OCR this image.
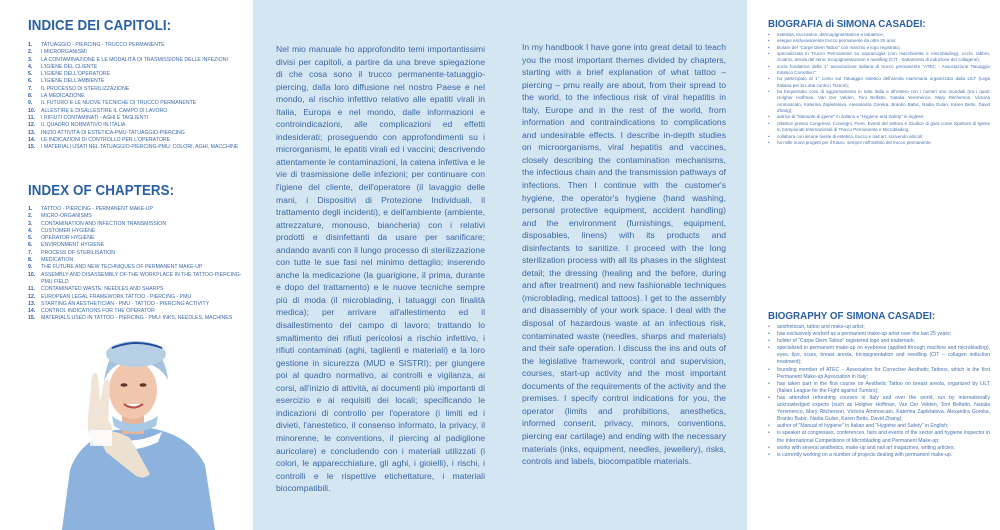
INDICE DEI CAPITOLI:
1.	TATUAGGIO - PIERCING - TRUCCO PERMANENTE
2.	I MICRORGANISMI
3.	LA CONTAMINAZIONE E LE MODALITÀ DI TRASMISSIONE DELLE INFEZIONI
4.	L'IGIENE DEL CLIENTE
5.	L'IGIENE DELL'OPERATORE
6.	L'IGIENE DELL'AMBIENTE
7.	IL PROCESSO DI STERILIZZAZIONE
8.	LA MEDICAZIONE
9.	IL FUTURO E LE NUOVE TECNICHE DI TRUCCO PERMANENTE
10.	ALLESTIRE E DISALLESTIRE IL CAMPO DI LAVORO
11.	I RIFIUTI CONTAMINATI - AGHI E TAGLIENTI
12.	IL QUADRO NORMATIVO IN ITALIA
13.	INIZIO ATTIVITÀ DI ESTETICA-PMU-TATUAGGIO-PIERCING
14.	LE INDICAZIONI DI CONTROLLO PER L'OPERATORE
15.	I MATERIALI USATI NEL TATUAGGIO-PIERCING-PMU: COLORI, AGHI, MACCHINE
INDEX OF CHAPTERS:
1.	TATTOO - PIERCING - PERMANENT MAKE-UP
2.	MICRO-ORGANISMS
3.	CONTAMINATION AND INFECTION TRANSMISSION
4.	CUSTOMER HYGIENE
5.	OPERATOR HYGIENE
6.	ENVIRONMENT HYGIENE
7.	PROCESS OF STERILISATION
8.	MEDICATION
9.	THE FUTURE AND NEW TECHNIQUES OF PERMANENT MAKE-UP
10.	ASSEMBLY AND DISASSEMBLY OF THE WORKPLACE IN THE TATTOO-PIERCING-PMU FIELD
11.	CONTAMINATED WASTE: NEEDLES AND SHARPS
12.	EUROPEAN LEGAL FRAMEWORK TATTOO - PIERCING - PMU
13.	STARTING AN AESTHETICIAN - PMU - TATTOO - PIERCING ACTIVITY
14.	CONTROL INDICATIONS FOR THE OPERATOR
15.	MATERIALS USED IN TATTOO - PIERCING - PMU: INKS, NEEDLES, MACHINES

Nel mio manuale ho approfondito temi importantissimi divisi per capitoli, a partire da una breve spiegazione di che cosa sono il trucco permanente-tatuaggio-piercing, dalla loro diffusione nel nostro Paese e nel mondo, al rischio infettivo relativo alle epatiti virali in Italia, Europa e nel mondo, dalle informazioni e controindicazioni, alle complicazioni ed effetti indesiderati; proseguendo con approfondimenti su i microrganismi, le epatiti virali ed i vaccini; descrivendo attentamente le contaminazioni, la catena infettiva e le vie di trasmissione delle infezioni; per continuare con l'igiene del cliente, dell'operatore (il lavaggio delle mani, i Dispositivi di Protezione Individuali, il trattamento degli incidenti), e dell'ambiente (ambiente, attrezzature, monouso, biancheria) con i relativi prodotti e disinfettanti da usare per sanificare; andando avanti con il lungo processo di sterilizzazione con tutte le sue fasi nel minimo dettaglio; inserendo anche la medicazione (la guarigione, il prima, durante e dopo del trattamento) e le nuove tecniche sempre più di moda (il microblading, i tatuaggi con finalità medica); per arrivare all'allestimento ed il disallestimento del campo di lavoro; trattando lo smaltimento dei rifiuti pericolosi a rischio infettivo, i rifiuti contaminati (aghi, taglienti e materiali) e la loro gestione in sicurezza (MUD e SISTRI); per giungere poi al quadro normativo, ai controlli e vigilanza, ai corsi, all'inizio di attività, ai documenti più importanti di esercizio e ai requisiti dei locali; specificando le indicazioni di controllo per l'operatore (i limiti ed i divieti, l'anestetico, il consenso informato, la privacy, il minorenne, le conventions, il piercing al padiglione auricolare) e concludendo con i materiali utilizzati (i colori, le apparecchiature, gli aghi, i gioielli), i rischi, i controlli e le rispettive etichettature, i materiali biocompatibili.

In my handbook I have gone into great detail to teach you the most important themes divided by chapters, starting with a brief explanation of what tattoo – piercing – pmu really are about, from their spread to the world, to the infectious risk of viral hepatitis in Italy, Europe and in the rest of the world, from information and contraindications to complications and undesirable effects. I describe in-depth studies on microorganisms, viral hepatitis and vaccines, closely describing the contamination mechanisms, the infectious chain and the transmission pathways of infections. Then I continue with the customer's hygiene, the operator's hygiene (hand washing, personal protective equipment, accident handling) and the environment (furnishings, equipment, disposables, linens) with its products and disinfectants to sanitize. I proceed with the long sterilization process with all its phases in the slightest detail; the dressing (healing and the before, during and after treatment) and new fashionable techniques (microblading, medical tattoos). I get to the assembly and disassembly of your work space. I deal with the disposal of hazardous waste at an infectious risk, contaminated waste (needles, sharps and materials) and their safe operation. I discuss the ins and outs of the legislative framework, control and supervision, courses, start-up activity and the most important documents of the requirements of the activity and the premises. I specify control indications for you, the operator (limits and prohibitions, anesthetics, informed consent, privacy, minors, conventions, piercing ear cartilage) and ending with the necessary materials (inks, equipment, needles, jewellery), risks, controls and labels, biocompatible materials.

BIOGRAFIA di SIMONA CASADEI:
• estetista, truccatrice, dermopigmentatrice e tatuatrice;
• esegue esclusivamente trucco permanente da oltre 25 anni;
• titolare del "Carpe Diem Tattoo" con marchio e logo registrato;
• specializzata in Trucco Permanente su sopracciglia (con macchinetta e microblading), occhi, labbra, cicatrici, areola del seno, tricopigmentazione e needling (CIT - trattamento di induzione del collagene);
• socia fondatrice della 1° associazione italiana di trucco permanente "ATEC - Associazione Tatuaggio Estetico Correttivo";
• ha partecipato al 1° corso sul Tatuaggio estetico dell'areola mammaria organizzato dalla LILT (Lega Italiana per la Lotta contro i Tumori);
• ha frequentato corsi di aggiornamento in tutta Italia e all'estero con i numeri uno mondiali (tra i quali: Holgher Hoffman, Van Der Velden, Toni Belfatto, Natalia Yeremenco, Mary Ritcherson, Victoria Ammoscato, Katerina Zapletalova, Alessandra Goreka, Branko Babic, Nadia Gulan, Karen Betts, David Zhang);
• autrice di "Manuale di igiene" in italiano e "Hygiene and Safety" in inglese;
• relatrice presso Congressi, Convegni, Fiere, Eventi del settore e Giudice di gara come Ispettore di Igiene in Campionati Internazionali di Trucco Permanente e Microblading;
• collabora con alcune riviste di estetica, trucco e nail art, scrivendo articoli;
• ha mille nuovi progetti per il futuro, sempre nell'ambito del trucco permanente.
BIOGRAPHY OF SIMONA CASADEI:
• aesthetician, tattoo and make-up artist;
• has exclusively worked as a permanent make-up artist over the last 25 years;
• holder of "Carpe Diem Tattoo" registered logo and trademark;
• specialized in permanent make-up on eyebrows (applied through machine and microblading), eyes, lips, scars, breast areola, tricopignentation and needling (CIT – collagen induction treatment);
• founding member of ATEC – Association for Corrective Aesthetic Tattoos, which is the first Permanent Make-up Association in Italy;
• has taken part in the first course on Aesthetic Tattoo on breast areola, organized by LILT (Italian League for the Fight against Tumors);
• has attended refreshing courses in Italy and over the world, run by internationally acknowledged experts (such as Holgher Hoffman, Van Der Velden, Toni Belfatto, Natalia Yeremenco, Mary Ritcherson, Victoria Ammoscato, Katerina Zapletalova, Alexandra Goreka, Branko Babic, Nadia Gulan, Karen Betts, David Zhang);
• author of "Manual of hygiene" in Italian and "Hygiene and Safety" in English;
• is speaker at congresses, conferences, fairs and events of the sector and hygiene inspector in the International Competitions of Microblading and Permanent Make-up;
• works with several aesthetics, make-up and nail art magazines, writing articles;
• is currently working on a number of projects dealing with permanent make-up.
